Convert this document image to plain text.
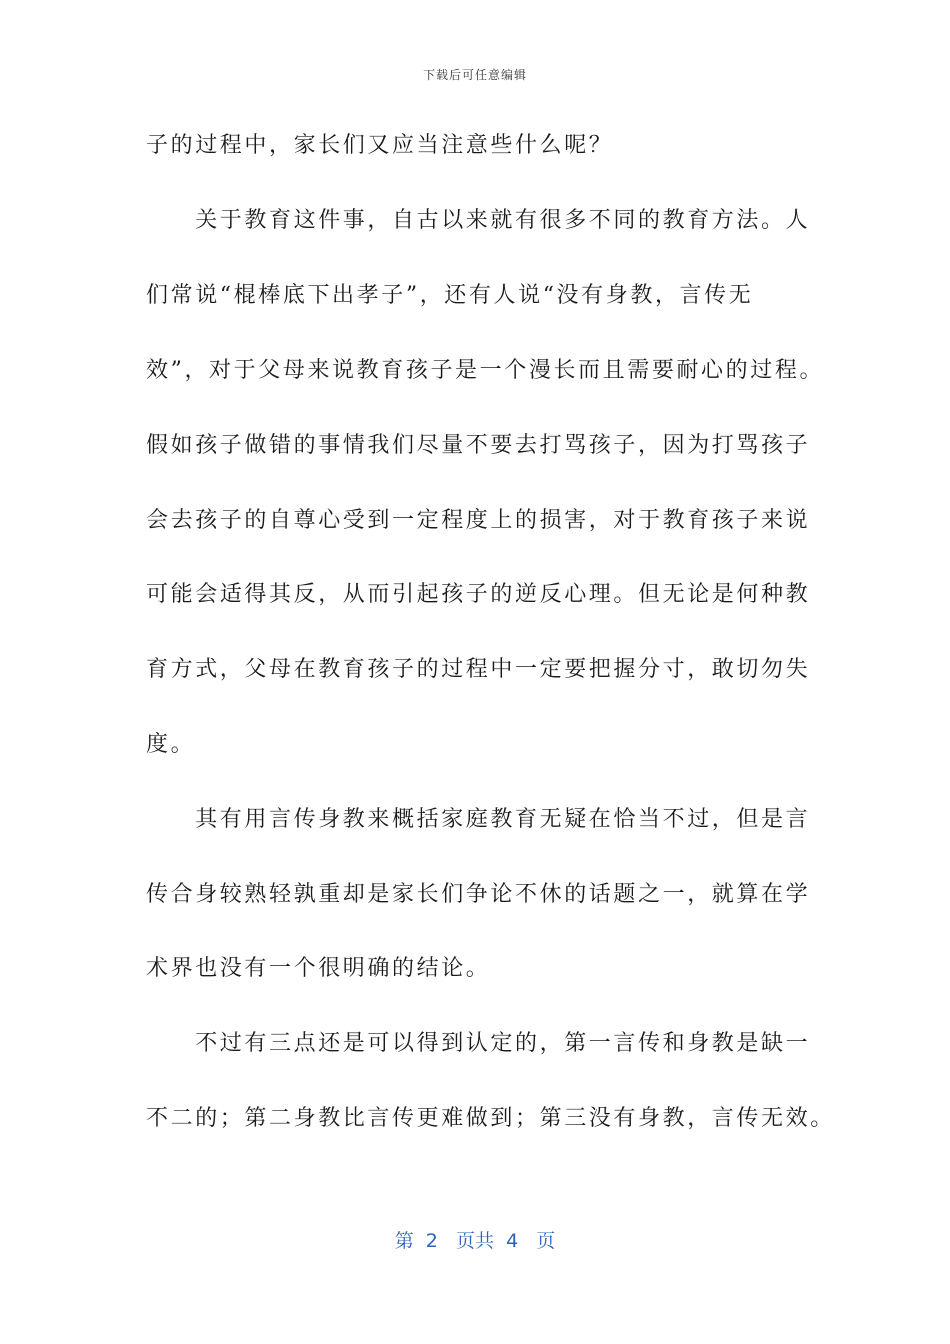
下载后可任意编辑
子的过程中，家长们又应当注意些什么呢？
　　关于教育这件事，自古以来就有很多不同的教育方法。人
们常说“棍棒底下出孝子”，还有人说“没有身教，言传无
效”，对于父母来说教育孩子是一个漫长而且需要耐心的过程。
假如孩子做错的事情我们尽量不要去打骂孩子，因为打骂孩子
会去孩子的自尊心受到一定程度上的损害，对于教育孩子来说
可能会适得其反，从而引起孩子的逆反心理。但无论是何种教
育方式，父母在教育孩子的过程中一定要把握分寸，敢切勿失
度。
　　其有用言传身教来概括家庭教育无疑在恰当不过，但是言
传合身较熟轻孰重却是家长们争论不休的话题之一，就算在学
术界也没有一个很明确的结论。
　　不过有三点还是可以得到认定的，第一言传和身教是缺一
不二的；第二身教比言传更难做到；第三没有身教，言传无效。
第  2   页共  4   页
